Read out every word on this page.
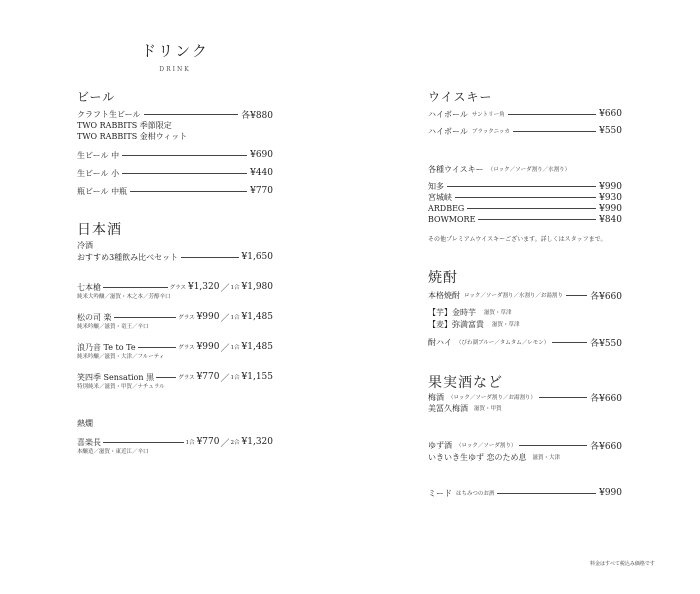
ドリンク
DRINK
ビール
クラフト生ビール	各¥880
TWO RABBITS 季節限定
TWO RABBITS 金柑ウィット
生ビール 中	¥690
生ビール 小	¥440
瓶ビール 中瓶	¥770
日本酒
冷酒
おすすめ3種飲み比べセット	¥1,650
七本槍	グラス ¥1,320 ／ 1合 ¥1,980
純米大吟醸／滋賀・木之本／芳醇辛口
松の司 楽	グラス ¥990 ／ 1合 ¥1,485
純米吟醸／滋賀・竜王／辛口
浪乃音 Te to Te	グラス ¥990 ／ 1合 ¥1,485
純米吟醸／滋賀・大津／フルーティ
笑四季 Sensation 黒	グラス ¥770 ／ 1合 ¥1,155
特別純米／滋賀・甲賀／ナチュラル
熱燗
喜楽長	1合 ¥770 ／ 2合 ¥1,320
本醸造／滋賀・東近江／辛口
ウイスキー
ハイボール サントリー角	¥660
ハイボール ブラックニッカ	¥550
各種ウイスキー （ロック／ソーダ割り／水割り）
知多	¥990
宮城峡	¥930
ARDBEG	¥990
BOWMORE	¥840
その他プレミアムウイスキーございます。詳しくはスタッフまで。
焼酎
本格焼酎 ロック／ソーダ割り／水割り／お湯割り	各¥660
【芋】金時芋 滋賀・草津
【麦】弥満富貴 滋賀・草津
酎ハイ （びわ湖ブルー／タムタム／レモン）	各¥550
果実酒など
梅酒 （ロック／ソーダ割り／お湯割り）	各¥660
美冨久梅酒 滋賀・甲賀
ゆず酒 （ロック／ソーダ割り）	各¥660
いきいき生ゆず 恋のため息 滋賀・大津
ミード はちみつのお酒	¥990
料金はすべて税込み価格です
